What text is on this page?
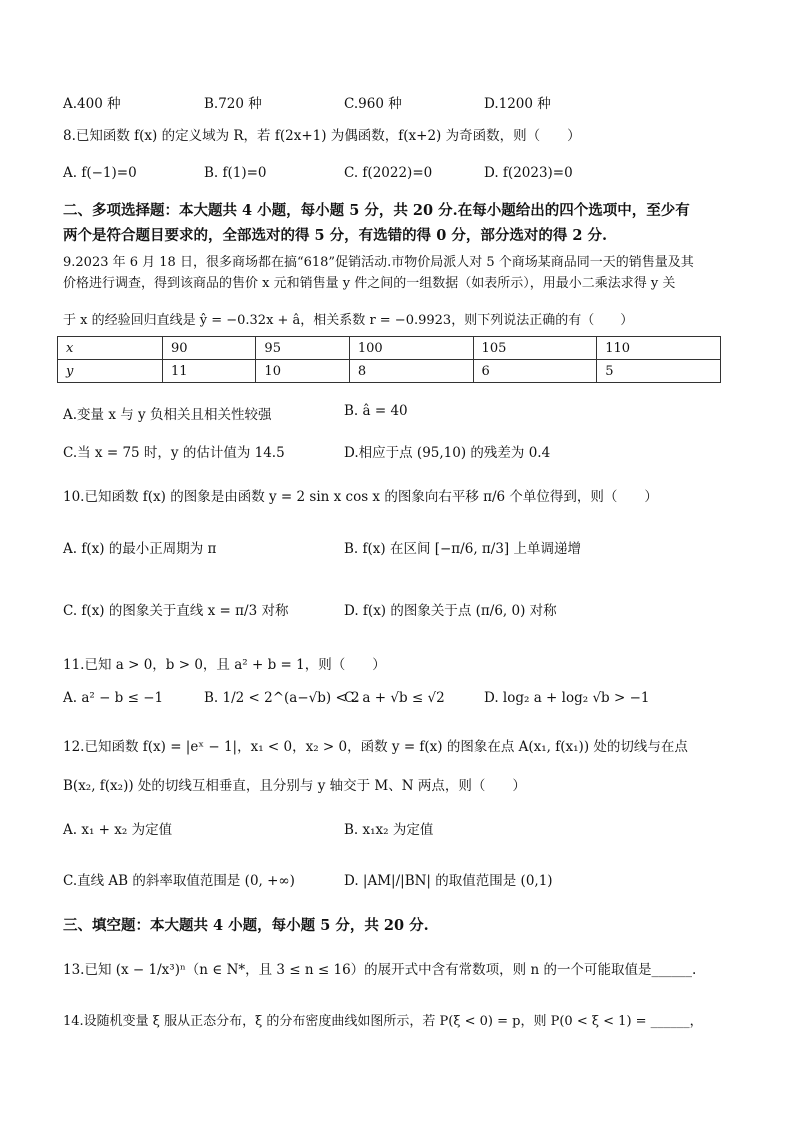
A.400 种	B.720 种	C.960 种	D.1200 种
8.已知函数 f(x) 的定义域为 R，若 f(2x+1) 为偶函数，f(x+2) 为奇函数，则（　　）
A. f(−1)=0	B. f(1)=0	C. f(2022)=0	D. f(2023)=0
二、多项选择题：本大题共 4 小题，每小题 5 分，共 20 分.在每小题给出的四个选项中，至少有
两个是符合题目要求的，全部选对的得 5 分，有选错的得 0 分，部分选对的得 2 分.
9.2023 年 6 月 18 日，很多商场都在搞“618”促销活动.市物价局派人对 5 个商场某商品同一天的销售量及其
价格进行调查，得到该商品的售价 x 元和销售量 y 件之间的一组数据（如表所示），用最小二乘法求得 y 关
于 x 的经验回归直线是 ŷ = −0.32x + â，相关系数 r = −0.9923，则下列说法正确的有（　　）
x	90	95	100	105	110
y	11	10	8	6	5
A.变量 x 与 y 负相关且相关性较强	B. â = 40
C.当 x = 75 时，y 的估计值为 14.5	D.相应于点 (95,10) 的残差为 0.4
10.已知函数 f(x) 的图象是由函数 y = 2 sin x cos x 的图象向右平移 π/6 个单位得到，则（　　）
A. f(x) 的最小正周期为 π	B. f(x) 在区间 [−π/6, π/3] 上单调递增
C. f(x) 的图象关于直线 x = π/3 对称	D. f(x) 的图象关于点 (π/6, 0) 对称
11.已知 a > 0，b > 0，且 a² + b = 1，则（　　）
A. a² − b ≤ −1	B. 1/2 < 2^(a−√b) < 2
C. a + √b ≤ √2	D. log₂ a + log₂ √b > −1
12.已知函数 f(x) = |eˣ − 1|，x₁ < 0，x₂ > 0，函数 y = f(x) 的图象在点 A(x₁, f(x₁)) 处的切线与在点
B(x₂, f(x₂)) 处的切线互相垂直，且分别与 y 轴交于 M、N 两点，则（　　）
A. x₁ + x₂ 为定值	B. x₁x₂ 为定值
C.直线 AB 的斜率取值范围是 (0, +∞)	D. |AM|/|BN| 的取值范围是 (0,1)
三、填空题：本大题共 4 小题，每小题 5 分，共 20 分.
13.已知 (x − 1/x³)ⁿ（n ∈ N*，且 3 ≤ n ≤ 16）的展开式中含有常数项，则 n 的一个可能取值是______.
14.设随机变量 ξ 服从正态分布，ξ 的分布密度曲线如图所示，若 P(ξ < 0) = p，则 P(0 < ξ < 1) = ______，
